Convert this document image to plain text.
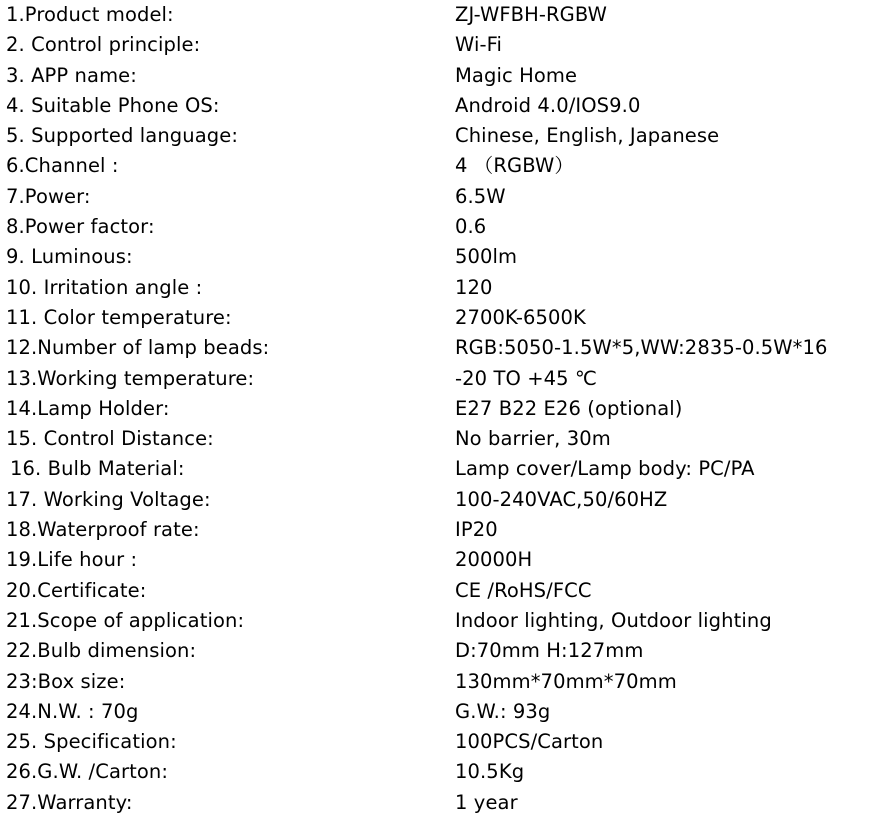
1.Product model:	ZJ-WFBH-RGBW
2. Control principle:	Wi-Fi
3. APP name:	Magic Home
4. Suitable Phone OS:	Android 4.0/IOS9.0
5. Supported language:	Chinese, English, Japanese
6.Channel :	4 （RGBW）
7.Power:	6.5W
8.Power factor:	0.6
9. Luminous:	500lm
10. Irritation angle :	120
11. Color temperature:	2700K-6500K
12.Number of lamp beads:	RGB:5050-1.5W*5,WW:2835-0.5W*16
13.Working temperature:	-20 TO +45 ℃
14.Lamp Holder:	E27 B22 E26 (optional)
15. Control Distance:	No barrier, 30m
16. Bulb Material:	Lamp cover/Lamp body: PC/PA
17. Working Voltage:	100-240VAC,50/60HZ
18.Waterproof rate:	IP20
19.Life hour :	20000H
20.Certificate:	CE /RoHS/FCC
21.Scope of application:	Indoor lighting, Outdoor lighting
22.Bulb dimension:	D:70mm H:127mm
23:Box size:	130mm*70mm*70mm
24.N.W. : 70g	G.W.: 93g
25. Specification:	100PCS/Carton
26.G.W. /Carton:	10.5Kg
27.Warranty:	1 year
